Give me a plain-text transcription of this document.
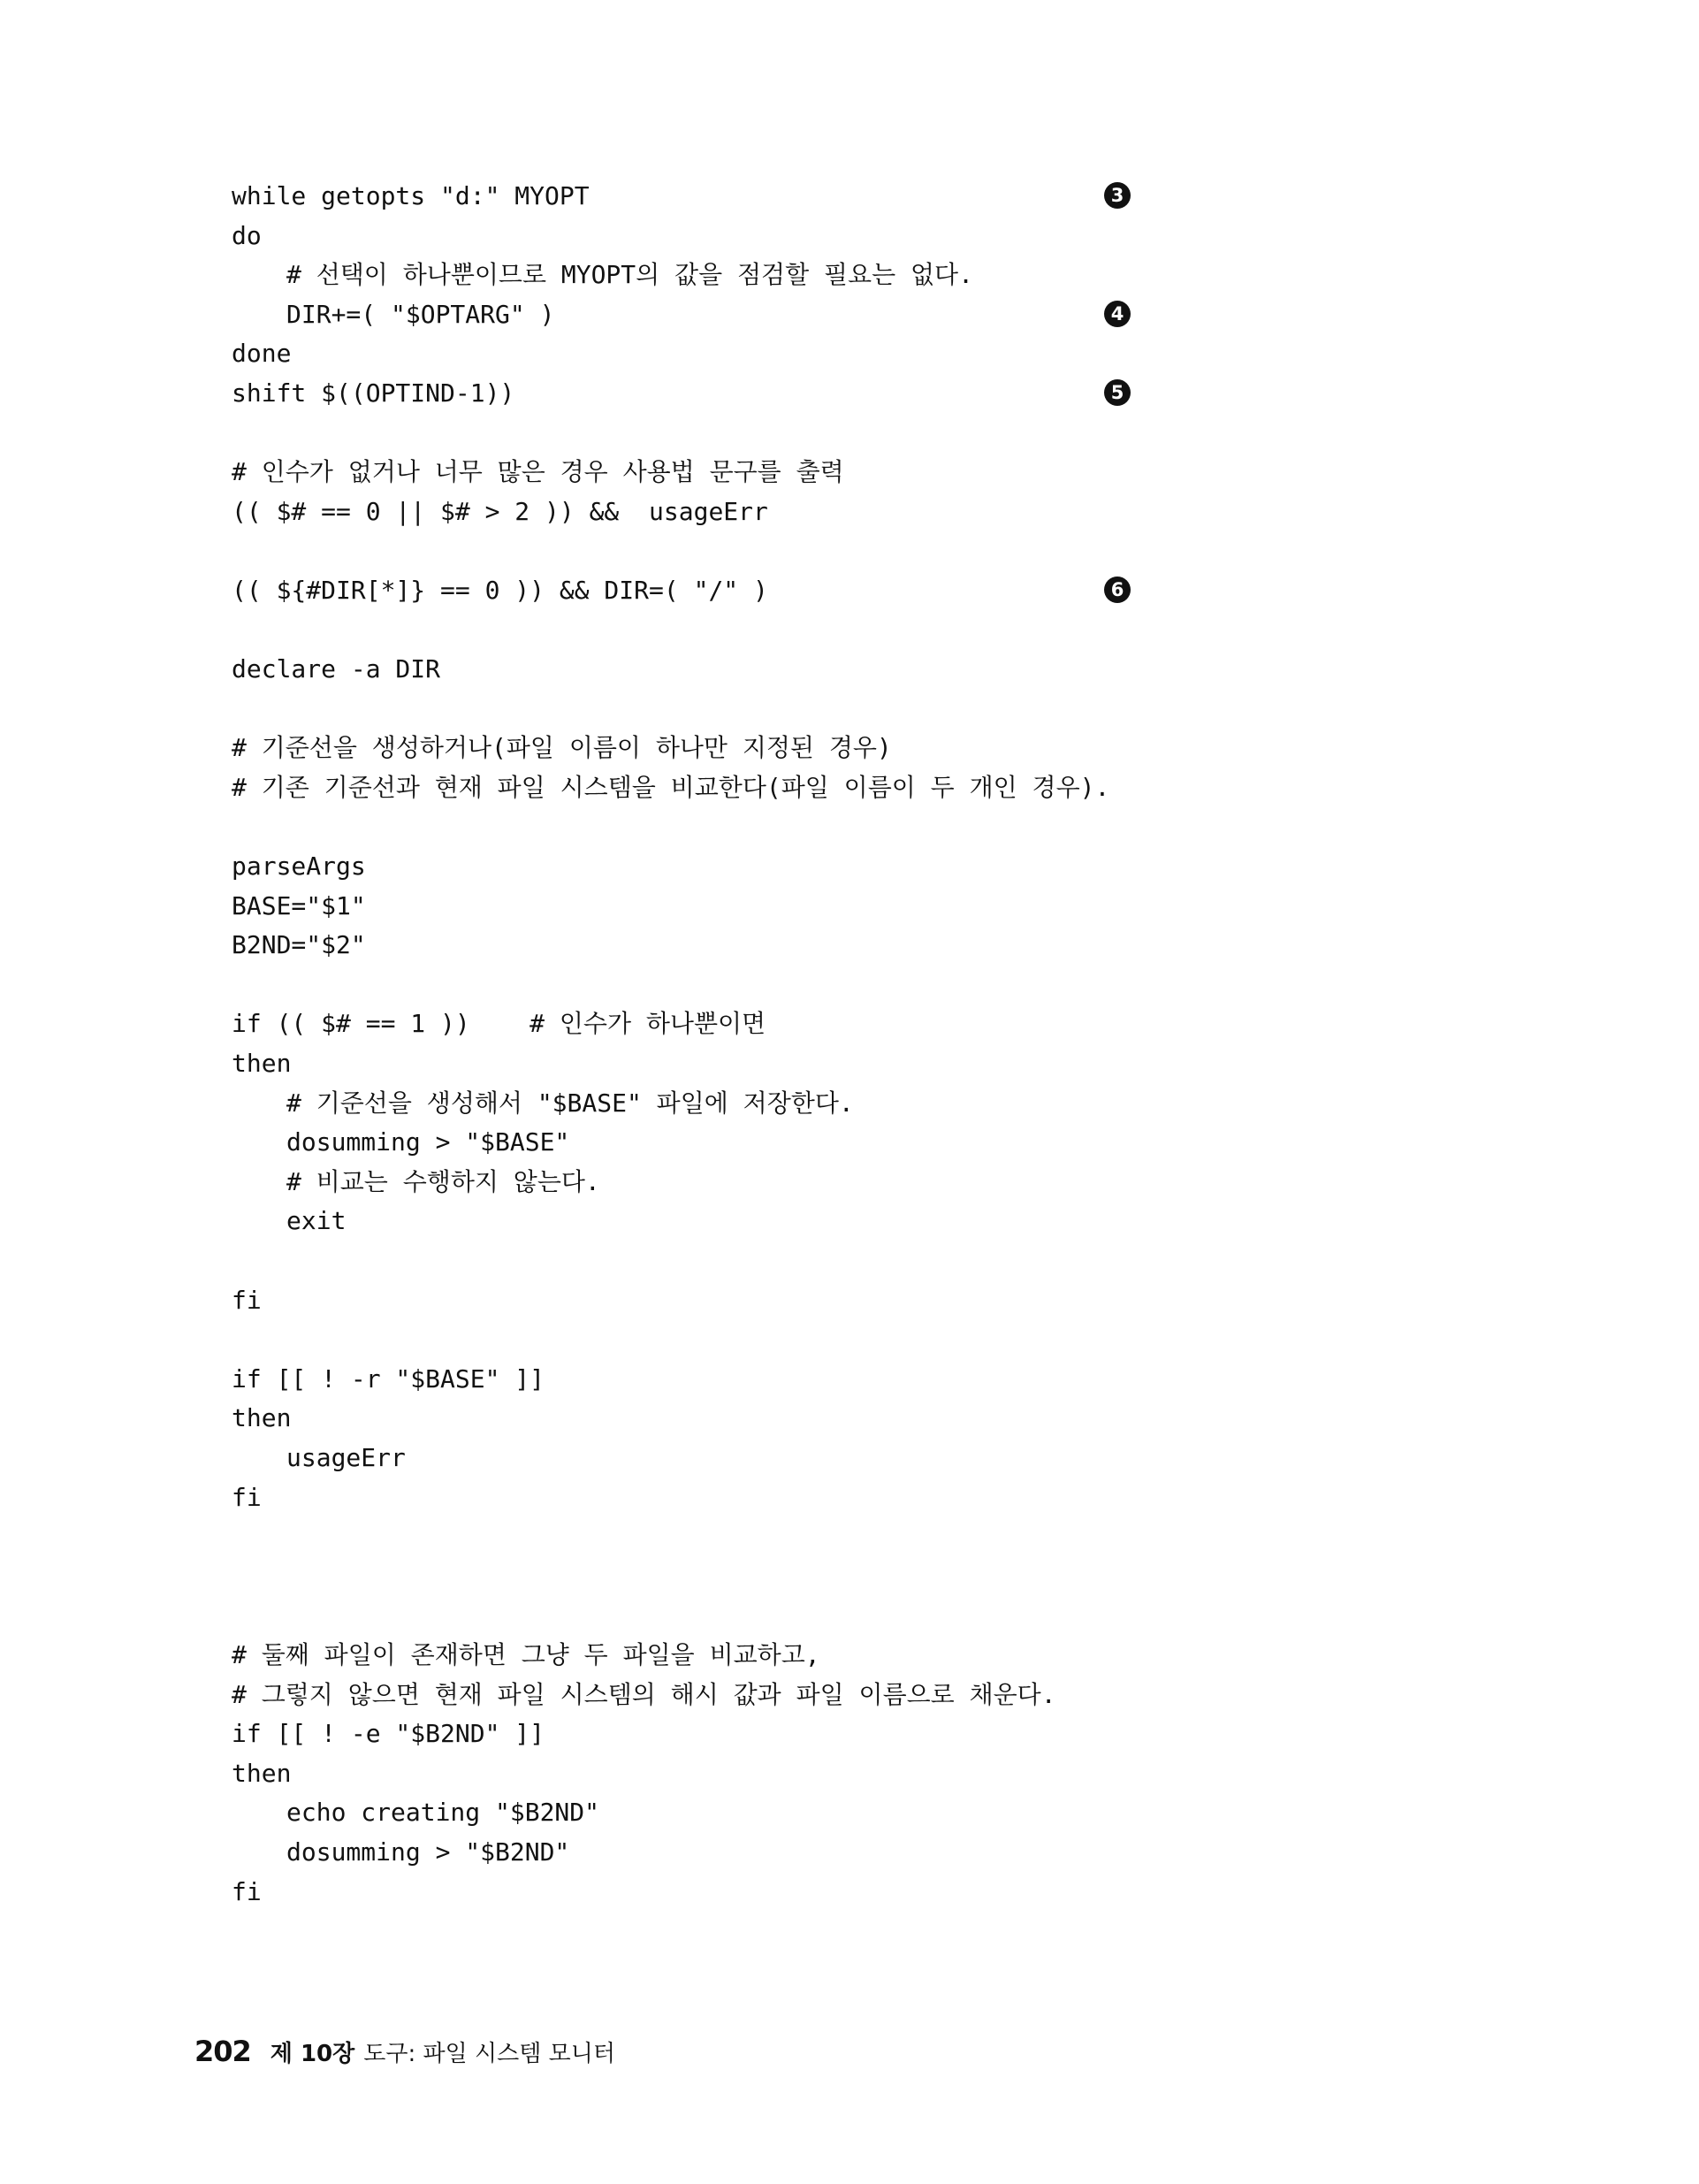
while getopts "d:" MYOPT	3
do
# 선택이 하나뿐이므로 MYOPT의 값을 점검할 필요는 없다.
DIR+=( "$OPTARG" )	4
done
shift $((OPTIND-1))	5
# 인수가 없거나 너무 많은 경우 사용법 문구를 출력
(( $# == 0 || $# > 2 )) &&  usageErr
(( ${#DIR[*]} == 0 )) && DIR=( "/" )	6
declare -a DIR
# 기준선을 생성하거나(파일 이름이 하나만 지정된 경우)
# 기존 기준선과 현재 파일 시스템을 비교한다(파일 이름이 두 개인 경우).
parseArgs
BASE="$1"
B2ND="$2"
if (( $# == 1 ))    # 인수가 하나뿐이면
then
# 기준선을 생성해서 "$BASE" 파일에 저장한다.
dosumming > "$BASE"
# 비교는 수행하지 않는다.
exit
fi
if [[ ! -r "$BASE" ]]
then
usageErr
fi
# 둘째 파일이 존재하면 그냥 두 파일을 비교하고,
# 그렇지 않으면 현재 파일 시스템의 해시 값과 파일 이름으로 채운다.
if [[ ! -e "$B2ND" ]]
then
echo creating "$B2ND"
dosumming > "$B2ND"
fi
202 제 10장 도구: 파일 시스템 모니터
